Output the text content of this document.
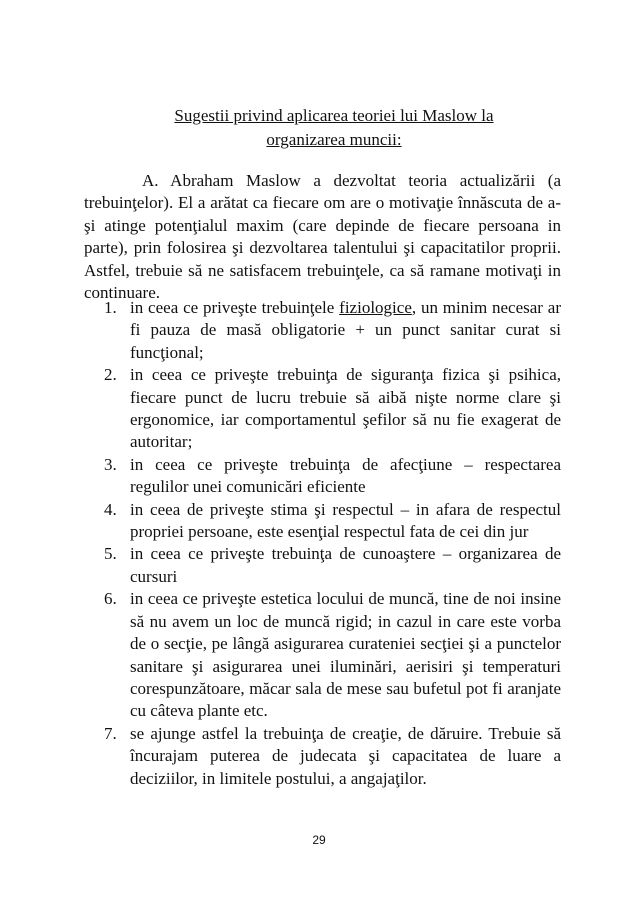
Sugestii privind aplicarea teoriei lui Maslow la
organizarea muncii:

A. Abraham Maslow a dezvoltat teoria actualizării (a trebuinţelor). El a arătat ca fiecare om are o motivaţie înnăscuta de a-şi atinge potenţialul maxim (care depinde de fiecare persoana in parte), prin folosirea şi dezvoltarea talentului şi capacitatilor proprii. Astfel, trebuie să ne satisfacem trebuinţele, ca să ramane motivaţi in continuare.

1. in ceea ce priveşte trebuinţele fiziologice, un minim necesar ar fi pauza de masă obligatorie + un punct sanitar curat si funcţional;
2. in ceea ce priveşte trebuinţa de siguranţa fizica şi psihica, fiecare punct de lucru trebuie să aibă nişte norme clare şi ergonomice, iar comportamentul şefilor să nu fie exagerat de autoritar;
3. in ceea ce priveşte trebuinţa de afecţiune – respectarea regulilor unei comunicări eficiente
4. in ceea de priveşte stima şi respectul – in afara de respectul propriei persoane, este esenţial respectul fata de cei din jur
5. in ceea ce priveşte trebuinţa de cunoaştere – organizarea de cursuri
6. in ceea ce priveşte estetica locului de muncă, tine de noi insine să nu avem un loc de muncă rigid; in cazul in care este vorba de o secţie, pe lângă asigurarea curateniei secţiei şi a punctelor sanitare şi asigurarea unei iluminări, aerisiri şi temperaturi corespunzătoare, măcar sala de mese sau bufetul pot fi aranjate cu câteva plante etc.
7. se ajunge astfel la trebuinţa de creaţie, de dăruire. Trebuie să încurajam puterea de judecata şi capacitatea de luare a deciziilor, in limitele postului, a angajaţilor.
29
